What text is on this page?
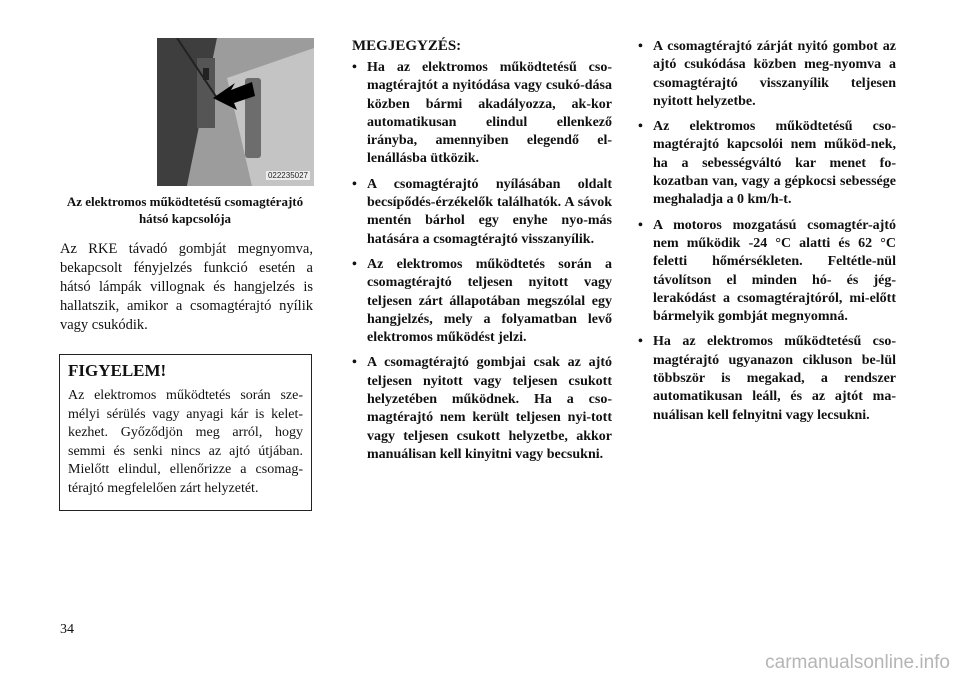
022235027
Az elektromos működtetésű csomagtérajtó hátsó kapcsolója

Az RKE távadó gombját megnyomva, bekapcsolt fényjelzés funkció esetén a hátsó lámpák villognak és hangjelzés is hallatszik, amikor a csomagtérajtó nyílik vagy csukódik.

FIGYELEM!

Az elektromos működtetés során sze-mélyi sérülés vagy anyagi kár is kelet-kezhet. Győződjön meg arról, hogy semmi és senki nincs az ajtó útjában. Mielőtt elindul, ellenőrizze a csomag-térajtó megfelelően zárt helyzetét.

MEGJEGYZÉS:

• Ha az elektromos működtetésű cso-magtérajtót a nyitódása vagy csukó-dása közben bármi akadályozza, ak-kor automatikusan elindul ellenkező irányba, amennyiben elegendő el-lenállásba ütközik.
• A csomagtérajtó nyílásában oldalt becsípődés-érzékelők találhatók. A sávok mentén bárhol egy enyhe nyo-más hatására a csomagtérajtó visszanyílik.
• Az elektromos működtetés során a csomagtérajtó teljesen nyitott vagy teljesen zárt állapotában megszólal egy hangjelzés, mely a folyamatban levő elektromos működést jelzi.
• A csomagtérajtó gombjai csak az ajtó teljesen nyitott vagy teljesen csukott helyzetében működnek. Ha a cso-magtérajtó nem került teljesen nyi-tott vagy teljesen csukott helyzetbe, akkor manuálisan kell kinyitni vagy becsukni.
• A csomagtérajtó zárját nyitó gombot az ajtó csukódása közben meg-nyomva a csomagtérajtó visszanyílik teljesen nyitott helyzetbe.
• Az elektromos működtetésű cso-magtérajtó kapcsolói nem működ-nek, ha a sebességváltó kar menet fo-kozatban van, vagy a gépkocsi sebessége meghaladja a 0 km/h-t.
• A motoros mozgatású csomagtér-ajtó nem működik -24 °C alatti és 62 °C feletti hőmérsékleten. Feltétle-nül távolítson el minden hó- és jég-lerakódást a csomagtérajtóról, mi-előtt bármelyik gombját megnyomná.
• Ha az elektromos működtetésű cso-magtérajtó ugyanazon cikluson be-lül többször is megakad, a rendszer automatikusan leáll, és az ajtót ma-nuálisan kell felnyitni vagy lecsukni.
34
carmanualsonline.info
